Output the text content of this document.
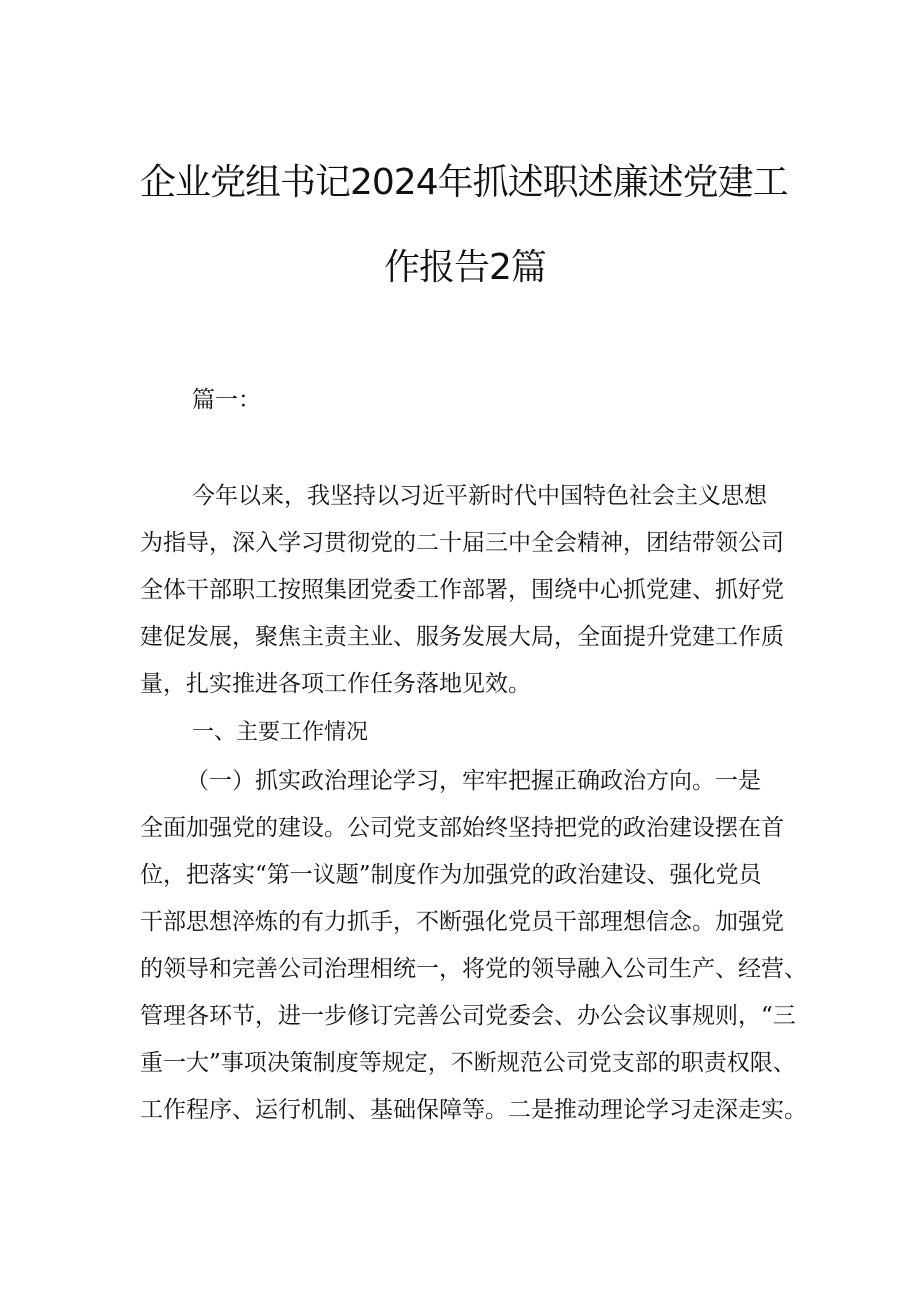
企业党组书记2024年抓述职述廉述党建工
作报告2篇
篇一：
今年以来，我坚持以习近平新时代中国特色社会主义思想
为指导，深入学习贯彻党的二十届三中全会精神，团结带领公司
全体干部职工按照集团党委工作部署，围绕中心抓党建、抓好党
建促发展，聚焦主责主业、服务发展大局，全面提升党建工作质
量，扎实推进各项工作任务落地见效。
一、主要工作情况
（一）抓实政治理论学习，牢牢把握正确政治方向。一是
全面加强党的建设。公司党支部始终坚持把党的政治建设摆在首
位，把落实“第一议题”制度作为加强党的政治建设、强化党员
干部思想淬炼的有力抓手，不断强化党员干部理想信念。加强党
的领导和完善公司治理相统一，将党的领导融入公司生产、经营、
管理各环节，进一步修订完善公司党委会、办公会议事规则，“三
重一大”事项决策制度等规定，不断规范公司党支部的职责权限、
工作程序、运行机制、基础保障等。二是推动理论学习走深走实。
